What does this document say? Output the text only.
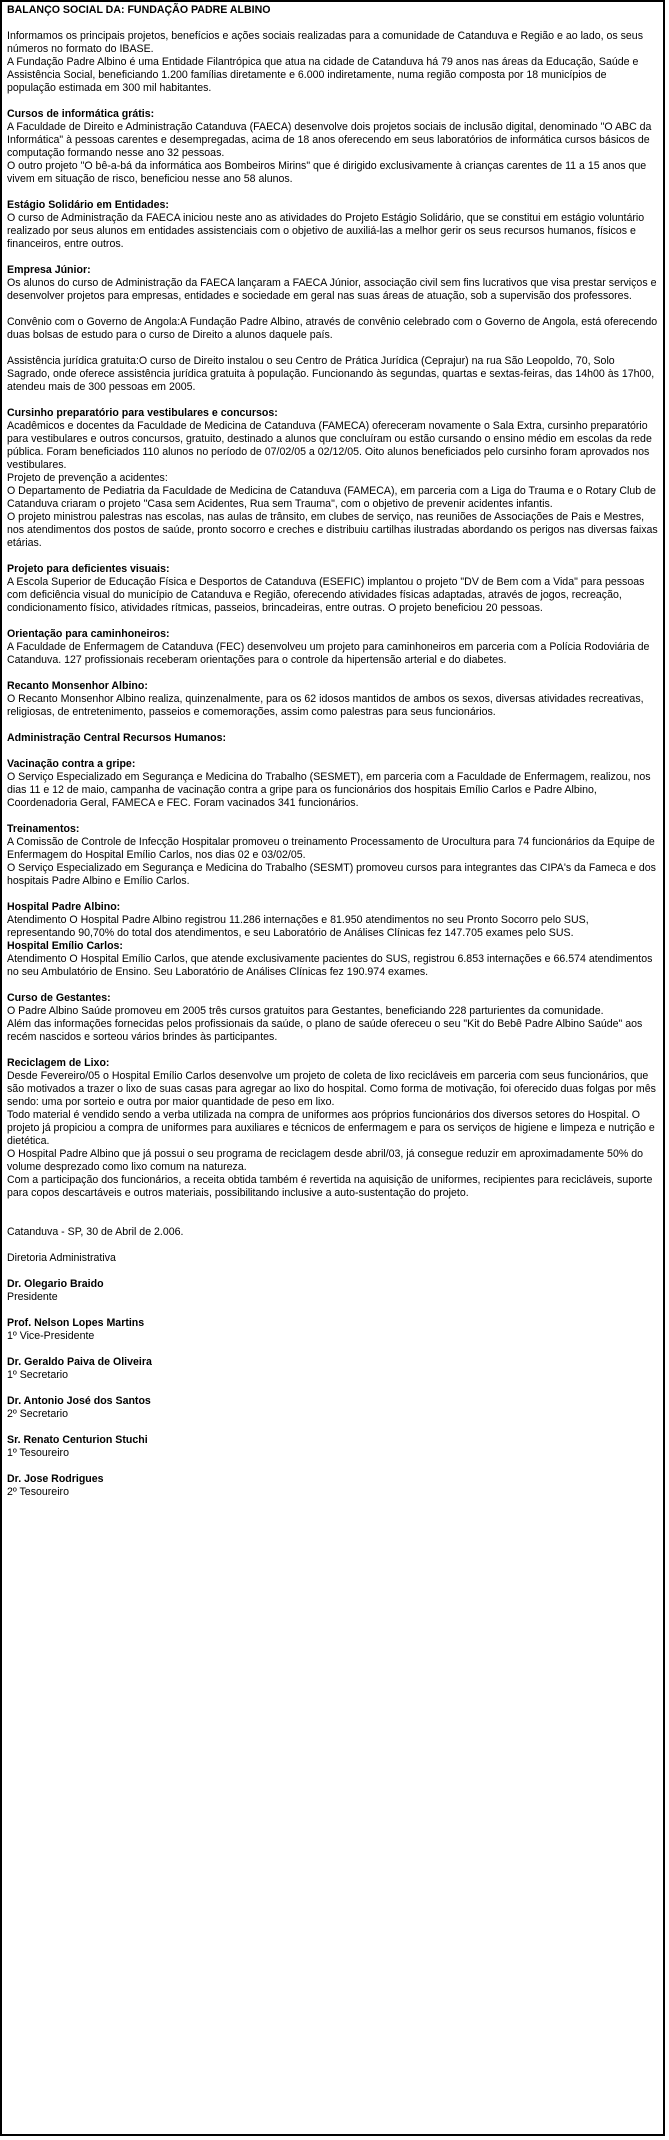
BALANÇO SOCIAL DA: FUNDAÇÃO PADRE ALBINO
Informamos os principais projetos, benefícios e ações sociais realizadas para a comunidade de Catanduva e Região e ao lado, os seus números no formato do IBASE.
A Fundação Padre Albino é uma Entidade Filantrópica que atua na cidade de Catanduva há 79 anos nas áreas da Educação, Saúde e Assistência Social, beneficiando 1.200 famílias diretamente e 6.000 indiretamente, numa região composta por 18 municípios de população estimada em 300 mil habitantes.
Cursos de informática grátis:
A Faculdade de Direito e Administração Catanduva (FAECA) desenvolve dois projetos sociais de inclusão digital, denominado "O ABC da Informática" à pessoas carentes e desempregadas, acima de 18 anos oferecendo em seus laboratórios de informática cursos básicos de computação formando nesse ano 32 pessoas.
O outro projeto "O bê-a-bá da informática aos Bombeiros Mirins" que é dirigido exclusivamente à crianças carentes de 11 a 15 anos que vivem em situação de risco, beneficiou nesse ano 58 alunos.
Estágio Solidário em Entidades:
O curso de Administração da FAECA iniciou neste ano as atividades do Projeto Estágio Solidário, que se constitui em estágio voluntário realizado por seus alunos em entidades assistenciais com o objetivo de auxiliá-las a melhor gerir os seus recursos humanos, físicos e financeiros, entre outros.
Empresa Júnior:
Os alunos do curso de Administração da FAECA lançaram a FAECA Júnior, associação civil sem fins lucrativos que visa prestar serviços e desenvolver projetos para empresas, entidades e sociedade em geral nas suas áreas de atuação, sob a supervisão dos professores.
Convênio com o Governo de Angola:A Fundação Padre Albino, através de convênio celebrado com o Governo de Angola, está oferecendo duas bolsas de estudo para o curso de Direito a alunos daquele país.
Assistência jurídica gratuita:O curso de Direito instalou o seu Centro de Prática Jurídica (Ceprajur) na rua São Leopoldo, 70, Solo Sagrado, onde oferece assistência jurídica gratuita à população. Funcionando às segundas, quartas e sextas-feiras, das 14h00 às 17h00, atendeu mais de 300 pessoas em 2005.
Cursinho preparatório para vestibulares e concursos:
Acadêmicos e docentes da Faculdade de Medicina de Catanduva (FAMECA) ofereceram novamente o Sala Extra, cursinho preparatório para vestibulares e outros concursos, gratuito, destinado a alunos que concluíram ou estão cursando o ensino médio em escolas da rede pública. Foram beneficiados 110 alunos no período de 07/02/05 a 02/12/05. Oito alunos beneficiados pelo cursinho foram aprovados nos vestibulares.
Projeto de prevenção a acidentes:
O Departamento de Pediatria da Faculdade de Medicina de Catanduva (FAMECA), em parceria com a Liga do Trauma e o Rotary Club de Catanduva criaram o projeto "Casa sem Acidentes, Rua sem Trauma", com o objetivo de prevenir acidentes infantis.
O projeto ministrou palestras nas escolas, nas aulas de trânsito, em clubes de serviço, nas reuniões de Associações de Pais e Mestres, nos atendimentos dos postos de saúde, pronto socorro e creches e distribuiu cartilhas ilustradas abordando os perigos nas diversas faixas etárias.
Projeto para deficientes visuais:
A Escola Superior de Educação Física e Desportos de Catanduva (ESEFIC) implantou o projeto "DV de Bem com a Vida" para pessoas com deficiência visual do município de Catanduva e Região, oferecendo atividades físicas adaptadas, através de jogos, recreação, condicionamento físico, atividades rítmicas, passeios, brincadeiras, entre outras. O projeto beneficiou 20 pessoas.
Orientação para caminhoneiros:
A Faculdade de Enfermagem de Catanduva (FEC) desenvolveu um projeto para caminhoneiros em parceria com a Polícia Rodoviária de Catanduva. 127 profissionais receberam orientações para o controle da hipertensão arterial e do diabetes.
Recanto Monsenhor Albino:
O Recanto Monsenhor Albino realiza, quinzenalmente, para os 62 idosos mantidos de ambos os sexos, diversas atividades recreativas, religiosas, de entretenimento, passeios e comemorações, assim como palestras para seus funcionários.
Administração Central Recursos Humanos:
Vacinação contra a gripe:
O Serviço Especializado em Segurança e Medicina do Trabalho (SESMET), em parceria com a Faculdade de Enfermagem, realizou, nos dias 11 e 12 de maio, campanha de vacinação contra a gripe para os funcionários dos hospitais Emílio Carlos e Padre Albino, Coordenadoria Geral, FAMECA e FEC. Foram vacinados 341 funcionários.
Treinamentos:
A Comissão de Controle de Infecção Hospitalar promoveu o treinamento Processamento de Urocultura para 74 funcionários da Equipe de Enfermagem do Hospital Emílio Carlos, nos dias 02 e 03/02/05.
O Serviço Especializado em Segurança e Medicina do Trabalho (SESMT) promoveu cursos para integrantes das CIPA's da Fameca e dos hospitais Padre Albino e Emílio Carlos.
Hospital Padre Albino:
Atendimento O Hospital Padre Albino registrou 11.286 internações e 81.950 atendimentos no seu Pronto Socorro pelo SUS, representando 90,70% do total dos atendimentos, e seu Laboratório de Análises Clínicas fez 147.705 exames pelo SUS.
Hospital Emílio Carlos:
Atendimento O Hospital Emílio Carlos, que atende exclusivamente pacientes do SUS, registrou 6.853 internações e 66.574 atendimentos no seu Ambulatório de Ensino. Seu Laboratório de Análises Clínicas fez 190.974 exames.
Curso de Gestantes:
O Padre Albino Saúde promoveu em 2005 três cursos gratuitos para Gestantes, beneficiando 228 parturientes da comunidade.
Além das informações fornecidas pelos profissionais da saúde, o plano de saúde ofereceu o seu "Kit do Bebê Padre Albino Saúde" aos recém nascidos e sorteou vários brindes às participantes.
Reciclagem de Lixo:
Desde Fevereiro/05 o Hospital Emílio Carlos desenvolve um projeto de coleta de lixo recicláveis em parceria com seus funcionários, que são motivados a trazer o lixo de suas casas para agregar ao lixo do hospital. Como forma de motivação, foi oferecido duas folgas por mês sendo: uma por sorteio e outra por maior quantidade de peso em lixo.
Todo material é vendido sendo a verba utilizada na compra de uniformes aos próprios funcionários dos diversos setores do Hospital. O projeto já propiciou a compra de uniformes para auxiliares e técnicos de enfermagem e para os serviços de higiene e limpeza e nutrição e dietética.
O Hospital Padre Albino que já possui o seu programa de reciclagem desde abril/03, já consegue reduzir em aproximadamente 50% do volume desprezado como lixo comum na natureza.
Com a participação dos funcionários, a receita obtida também é revertida na aquisição de uniformes, recipientes para recicláveis, suporte para copos descartáveis e outros materiais, possibilitando inclusive a auto-sustentação do projeto.
Catanduva - SP, 30 de Abril de 2.006.
Diretoria Administrativa
Dr. Olegario Braido
Presidente
Prof. Nelson Lopes Martins
1º Vice-Presidente
Dr. Geraldo Paiva de Oliveira
1º Secretario
Dr. Antonio José dos Santos
2º Secretario
Sr. Renato Centurion Stuchi
1º Tesoureiro
Dr. Jose Rodrigues
2º Tesoureiro
